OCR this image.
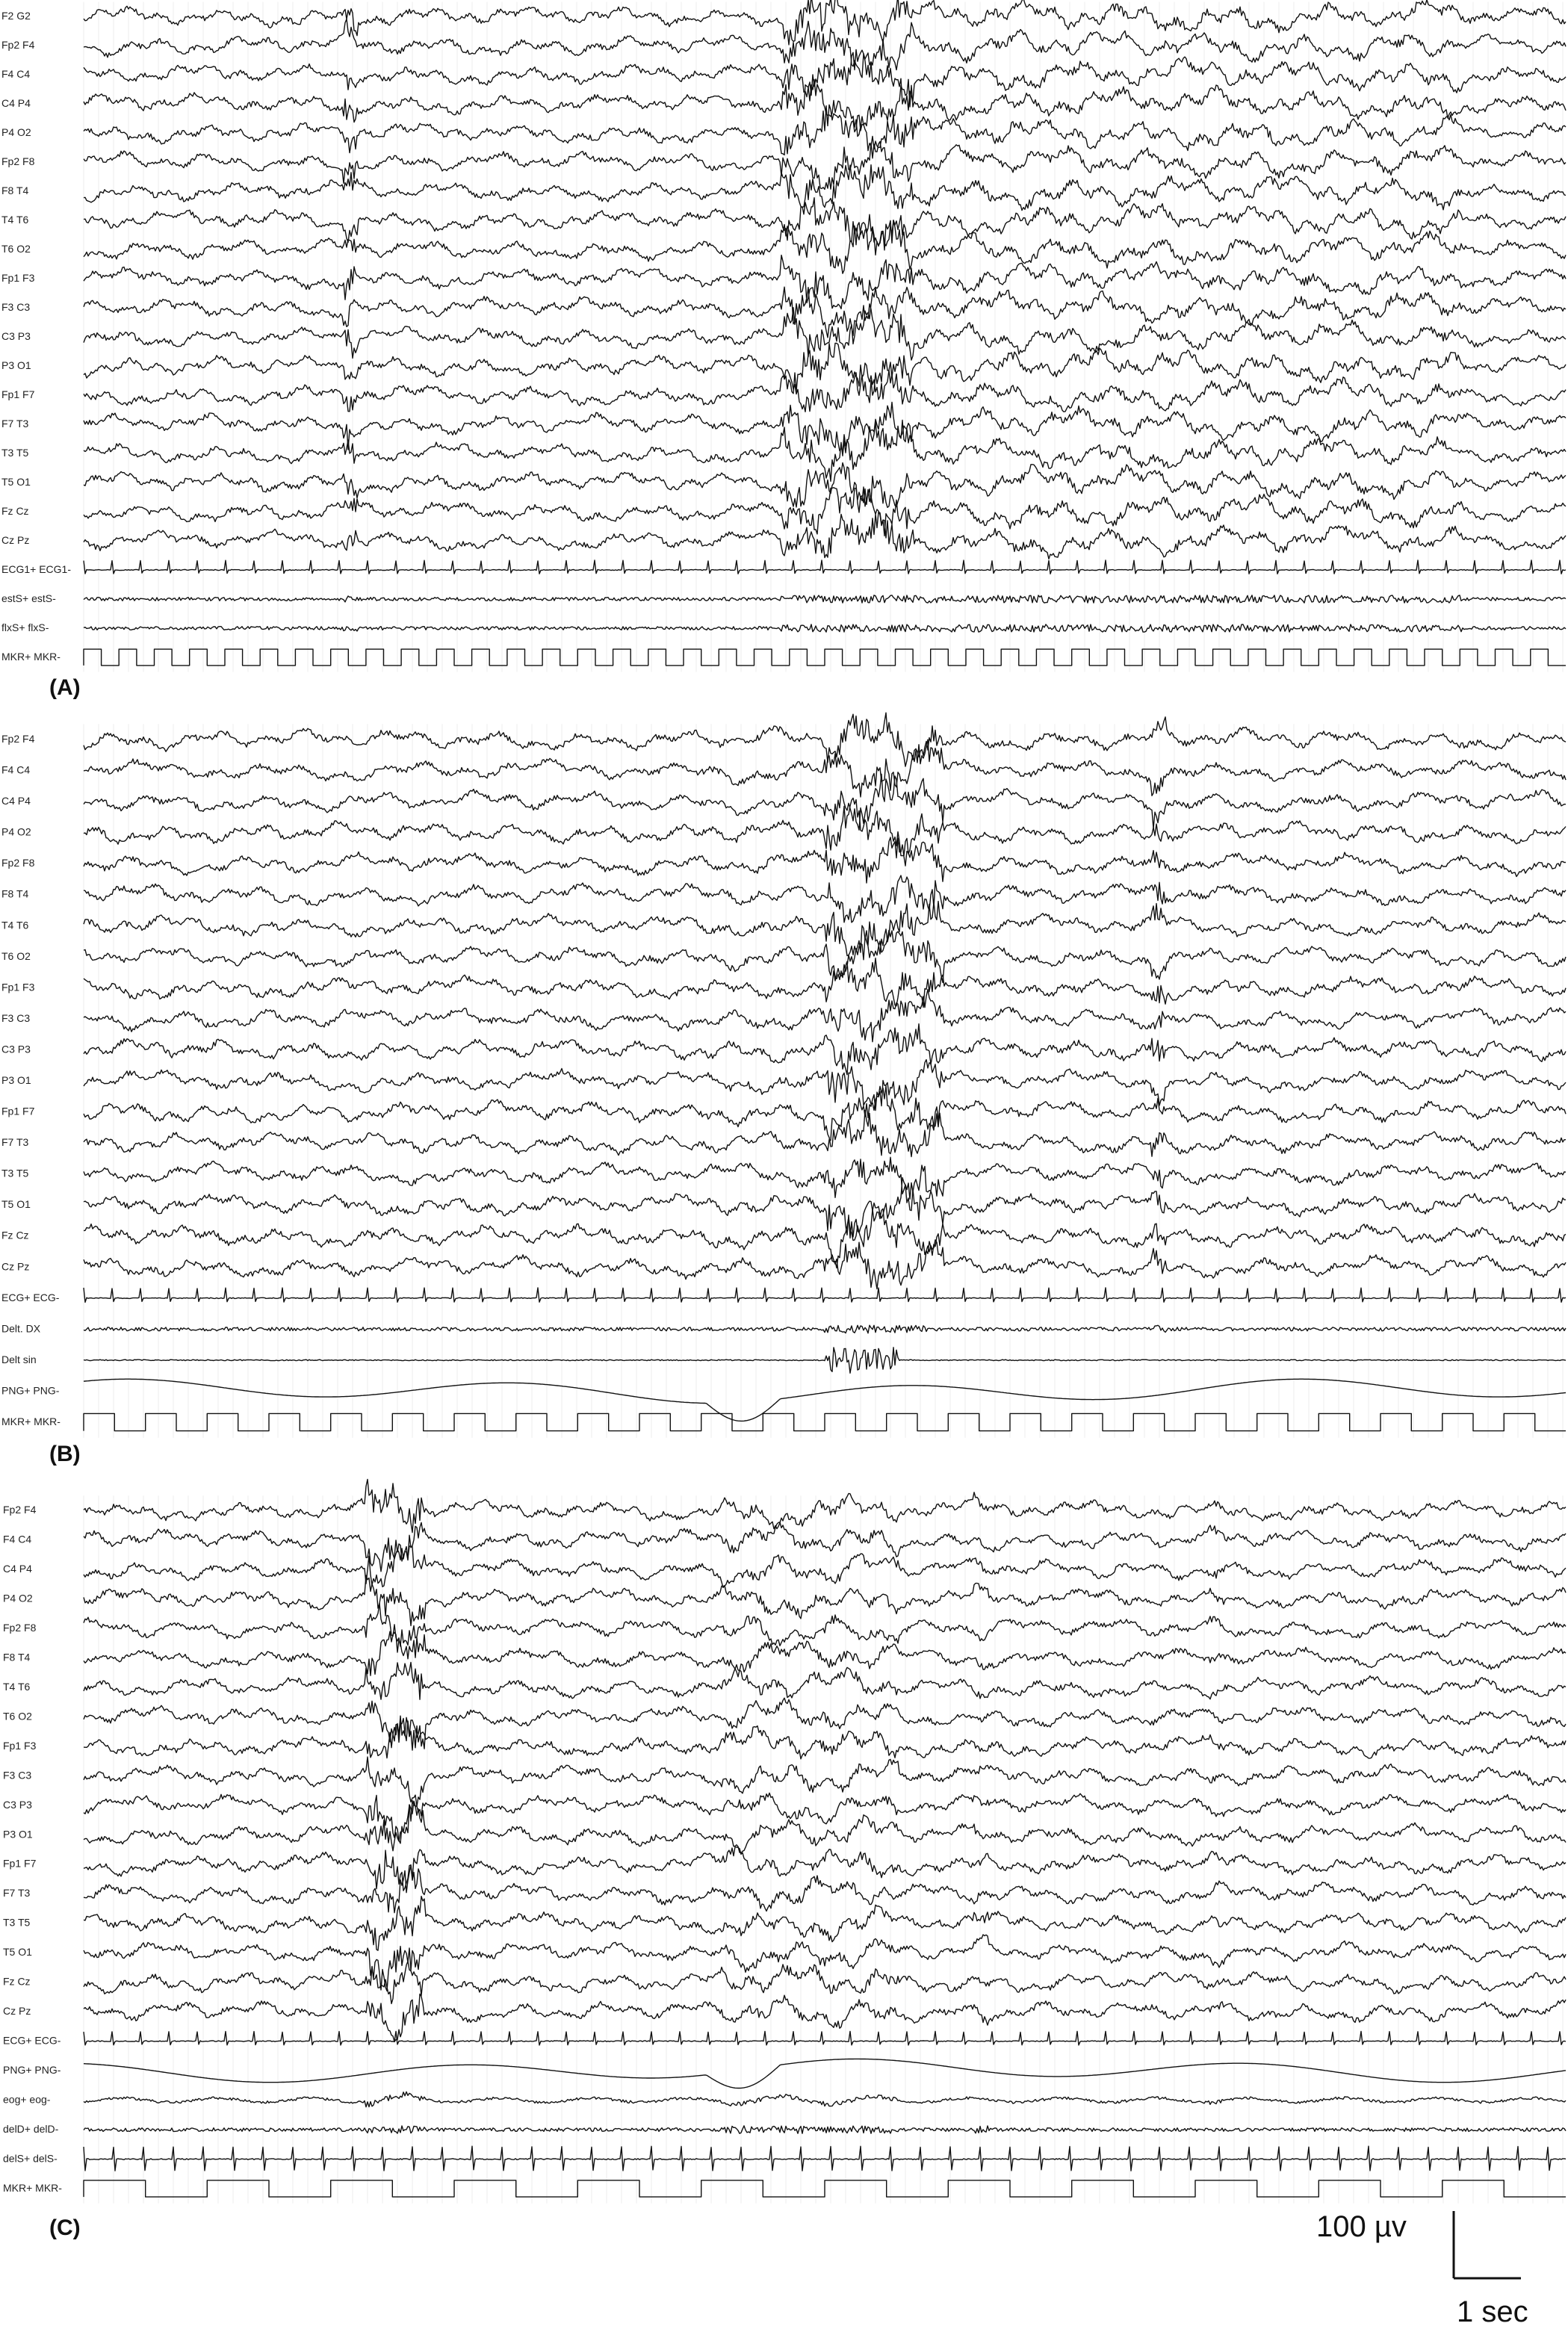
F2 G2
Fp2 F4
F4 C4
C4 P4
P4 O2
Fp2 F8
F8 T4
T4 T6
T6 O2
Fp1 F3
F3 C3
C3 P3
P3 O1
Fp1 F7
F7 T3
T3 T5
T5 O1
Fz Cz
Cz Pz
ECG1+ ECG1-
estS+ estS-
flxS+ flxS-
MKR+ MKR-
Fp2 F4
F4 C4
C4 P4
P4 O2
Fp2 F8
F8 T4
T4 T6
T6 O2
Fp1 F3
F3 C3
C3 P3
P3 O1
Fp1 F7
F7 T3
T3 T5
T5 O1
Fz Cz
Cz Pz
ECG+ ECG-
Delt. DX
Delt sin
PNG+ PNG-
MKR+ MKR-
Fp2 F4
F4 C4
C4 P4
P4 O2
Fp2 F8
F8 T4
T4 T6
T6 O2
Fp1 F3
F3 C3
C3 P3
P3 O1
Fp1 F7
F7 T3
T3 T5
T5 O1
Fz Cz
Cz Pz
ECG+ ECG-
PNG+ PNG-
eog+ eog-
delD+ delD-
delS+ delS-
MKR+ MKR-
(A)
(B)
(C)	100 µv
1 sec
